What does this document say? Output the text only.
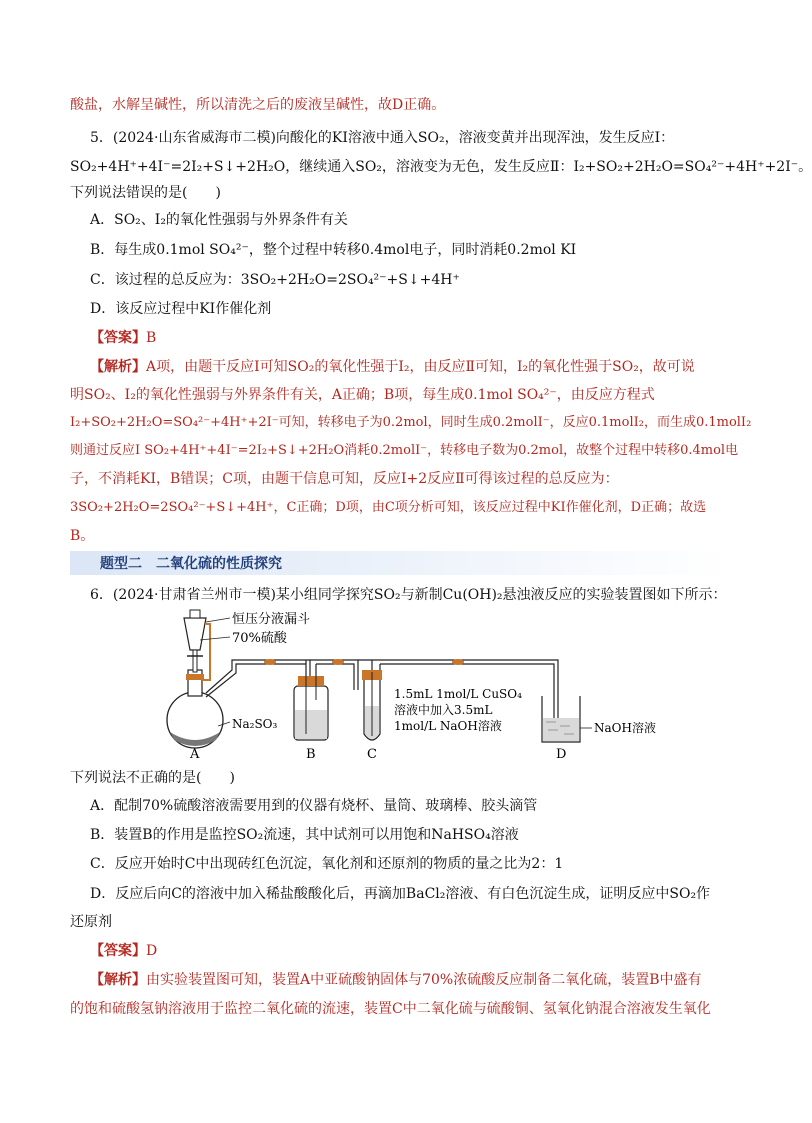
酸盐，水解呈碱性，所以清洗之后的废液呈碱性，故D正确。
5．(2024·山东省威海市二模)向酸化的KI溶液中通入SO₂，溶液变黄并出现浑浊，发生反应Ⅰ：
SO₂+4H⁺+4I⁻=2I₂+S↓+2H₂O，继续通入SO₂，溶液变为无色，发生反应Ⅱ：I₂+SO₂+2H₂O=SO₄²⁻+4H⁺+2I⁻。
下列说法错误的是(　　)
A．SO₂、I₂的氧化性强弱与外界条件有关
B．每生成0.1mol SO₄²⁻，整个过程中转移0.4mol电子，同时消耗0.2mol KI
C．该过程的总反应为：3SO₂+2H₂O=2SO₄²⁻+S↓+4H⁺
D．该反应过程中KI作催化剂
【答案】B
【解析】A项，由题干反应Ⅰ可知SO₂的氧化性强于I₂，由反应Ⅱ可知，I₂的氧化性强于SO₂，故可说
明SO₂、I₂的氧化性强弱与外界条件有关，A正确；B项，每生成0.1mol SO₄²⁻，由反应方程式
I₂+SO₂+2H₂O=SO₄²⁻+4H⁺+2I⁻可知，转移电子为0.2mol，同时生成0.2molI⁻，反应0.1molI₂，而生成0.1molI₂
则通过反应Ⅰ SO₂+4H⁺+4I⁻=2I₂+S↓+2H₂O消耗0.2molI⁻，转移电子数为0.2mol，故整个过程中转移0.4mol电
子，不消耗KI，B错误；C项，由题干信息可知，反应Ⅰ+2反应Ⅱ可得该过程的总反应为：
3SO₂+2H₂O=2SO₄²⁻+S↓+4H⁺，C正确；D项，由C项分析可知，该反应过程中KI作催化剂，D正确；故选
B。
题型二　二氧化硫的性质探究
6．(2024·甘肃省兰州市一模)某小组同学探究SO₂与新制Cu(OH)₂悬浊液反应的实验装置图如下所示：
恒压分液漏斗
70%硫酸
Na₂SO₃
1.5mL 1mol/L CuSO₄
溶液中加入3.5mL
1mol/L NaOH溶液	NaOH溶液
A	B	C	D
下列说法不正确的是(　　)
A．配制70%硫酸溶液需要用到的仪器有烧杯、量筒、玻璃棒、胶头滴管
B．装置B的作用是监控SO₂流速，其中试剂可以用饱和NaHSO₄溶液
C．反应开始时C中出现砖红色沉淀，氧化剂和还原剂的物质的量之比为2：1
D．反应后向C的溶液中加入稀盐酸酸化后，再滴加BaCl₂溶液、有白色沉淀生成，证明反应中SO₂作
还原剂
【答案】D
【解析】由实验装置图可知，装置A中亚硫酸钠固体与70%浓硫酸反应制备二氧化硫，装置B中盛有
的饱和硫酸氢钠溶液用于监控二氧化硫的流速，装置C中二氧化硫与硫酸铜、氢氧化钠混合溶液发生氧化
